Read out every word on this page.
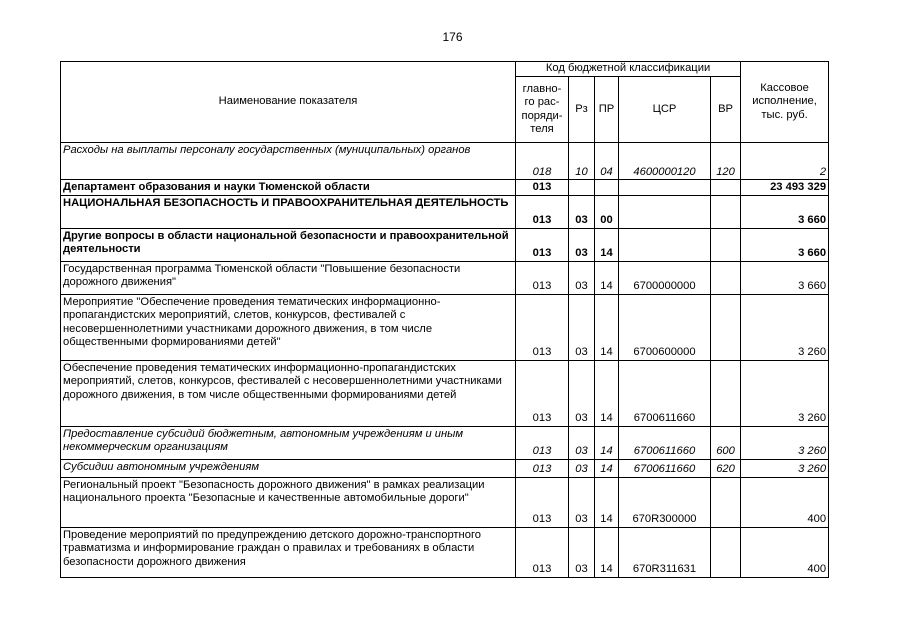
176
Наименование показателя	Код бюджетной классификации					Кассовое исполнение, тыс. руб.
	главно-го рас-поряди-теля	Рз	ПР	ЦСР	ВР	
Расходы на выплаты персоналу государственных (муниципальных) органов	018	10	04	4600000120	120	2
Департамент образования и науки Тюменской области	013					23 493 329
НАЦИОНАЛЬНАЯ БЕЗОПАСНОСТЬ И ПРАВООХРАНИТЕЛЬНАЯ ДЕЯТЕЛЬНОСТЬ	013	03	00			3 660
Другие вопросы в области национальной безопасности и правоохранительной деятельности	013	03	14			3 660
Государственная программа Тюменской области "Повышение безопасности дорожного движения"	013	03	14	6700000000		3 660
Мероприятие "Обеспечение проведения тематических информационно-пропагандистских мероприятий, слетов, конкурсов, фестивалей с несовершеннолетними участниками дорожного движения, в том числе общественными формированиями детей"	013	03	14	6700600000		3 260
Обеспечение проведения тематических информационно-пропагандистских мероприятий, слетов, конкурсов, фестивалей с несовершеннолетними участниками дорожного движения, в том числе общественными формированиями детей	013	03	14	6700611660		3 260
Предоставление субсидий бюджетным, автономным учреждениям и иным некоммерческим организациям	013	03	14	6700611660	600	3 260
Субсидии автономным учреждениям	013	03	14	6700611660	620	3 260
Региональный проект "Безопасность дорожного движения" в рамках реализации национального проекта "Безопасные и качественные автомобильные дороги"	013	03	14	670R300000		400
Проведение мероприятий по предупреждению детского дорожно-транспортного травматизма и информирование граждан о правилах и требованиях в области безопасности дорожного движения	013	03	14	670R311631		400
